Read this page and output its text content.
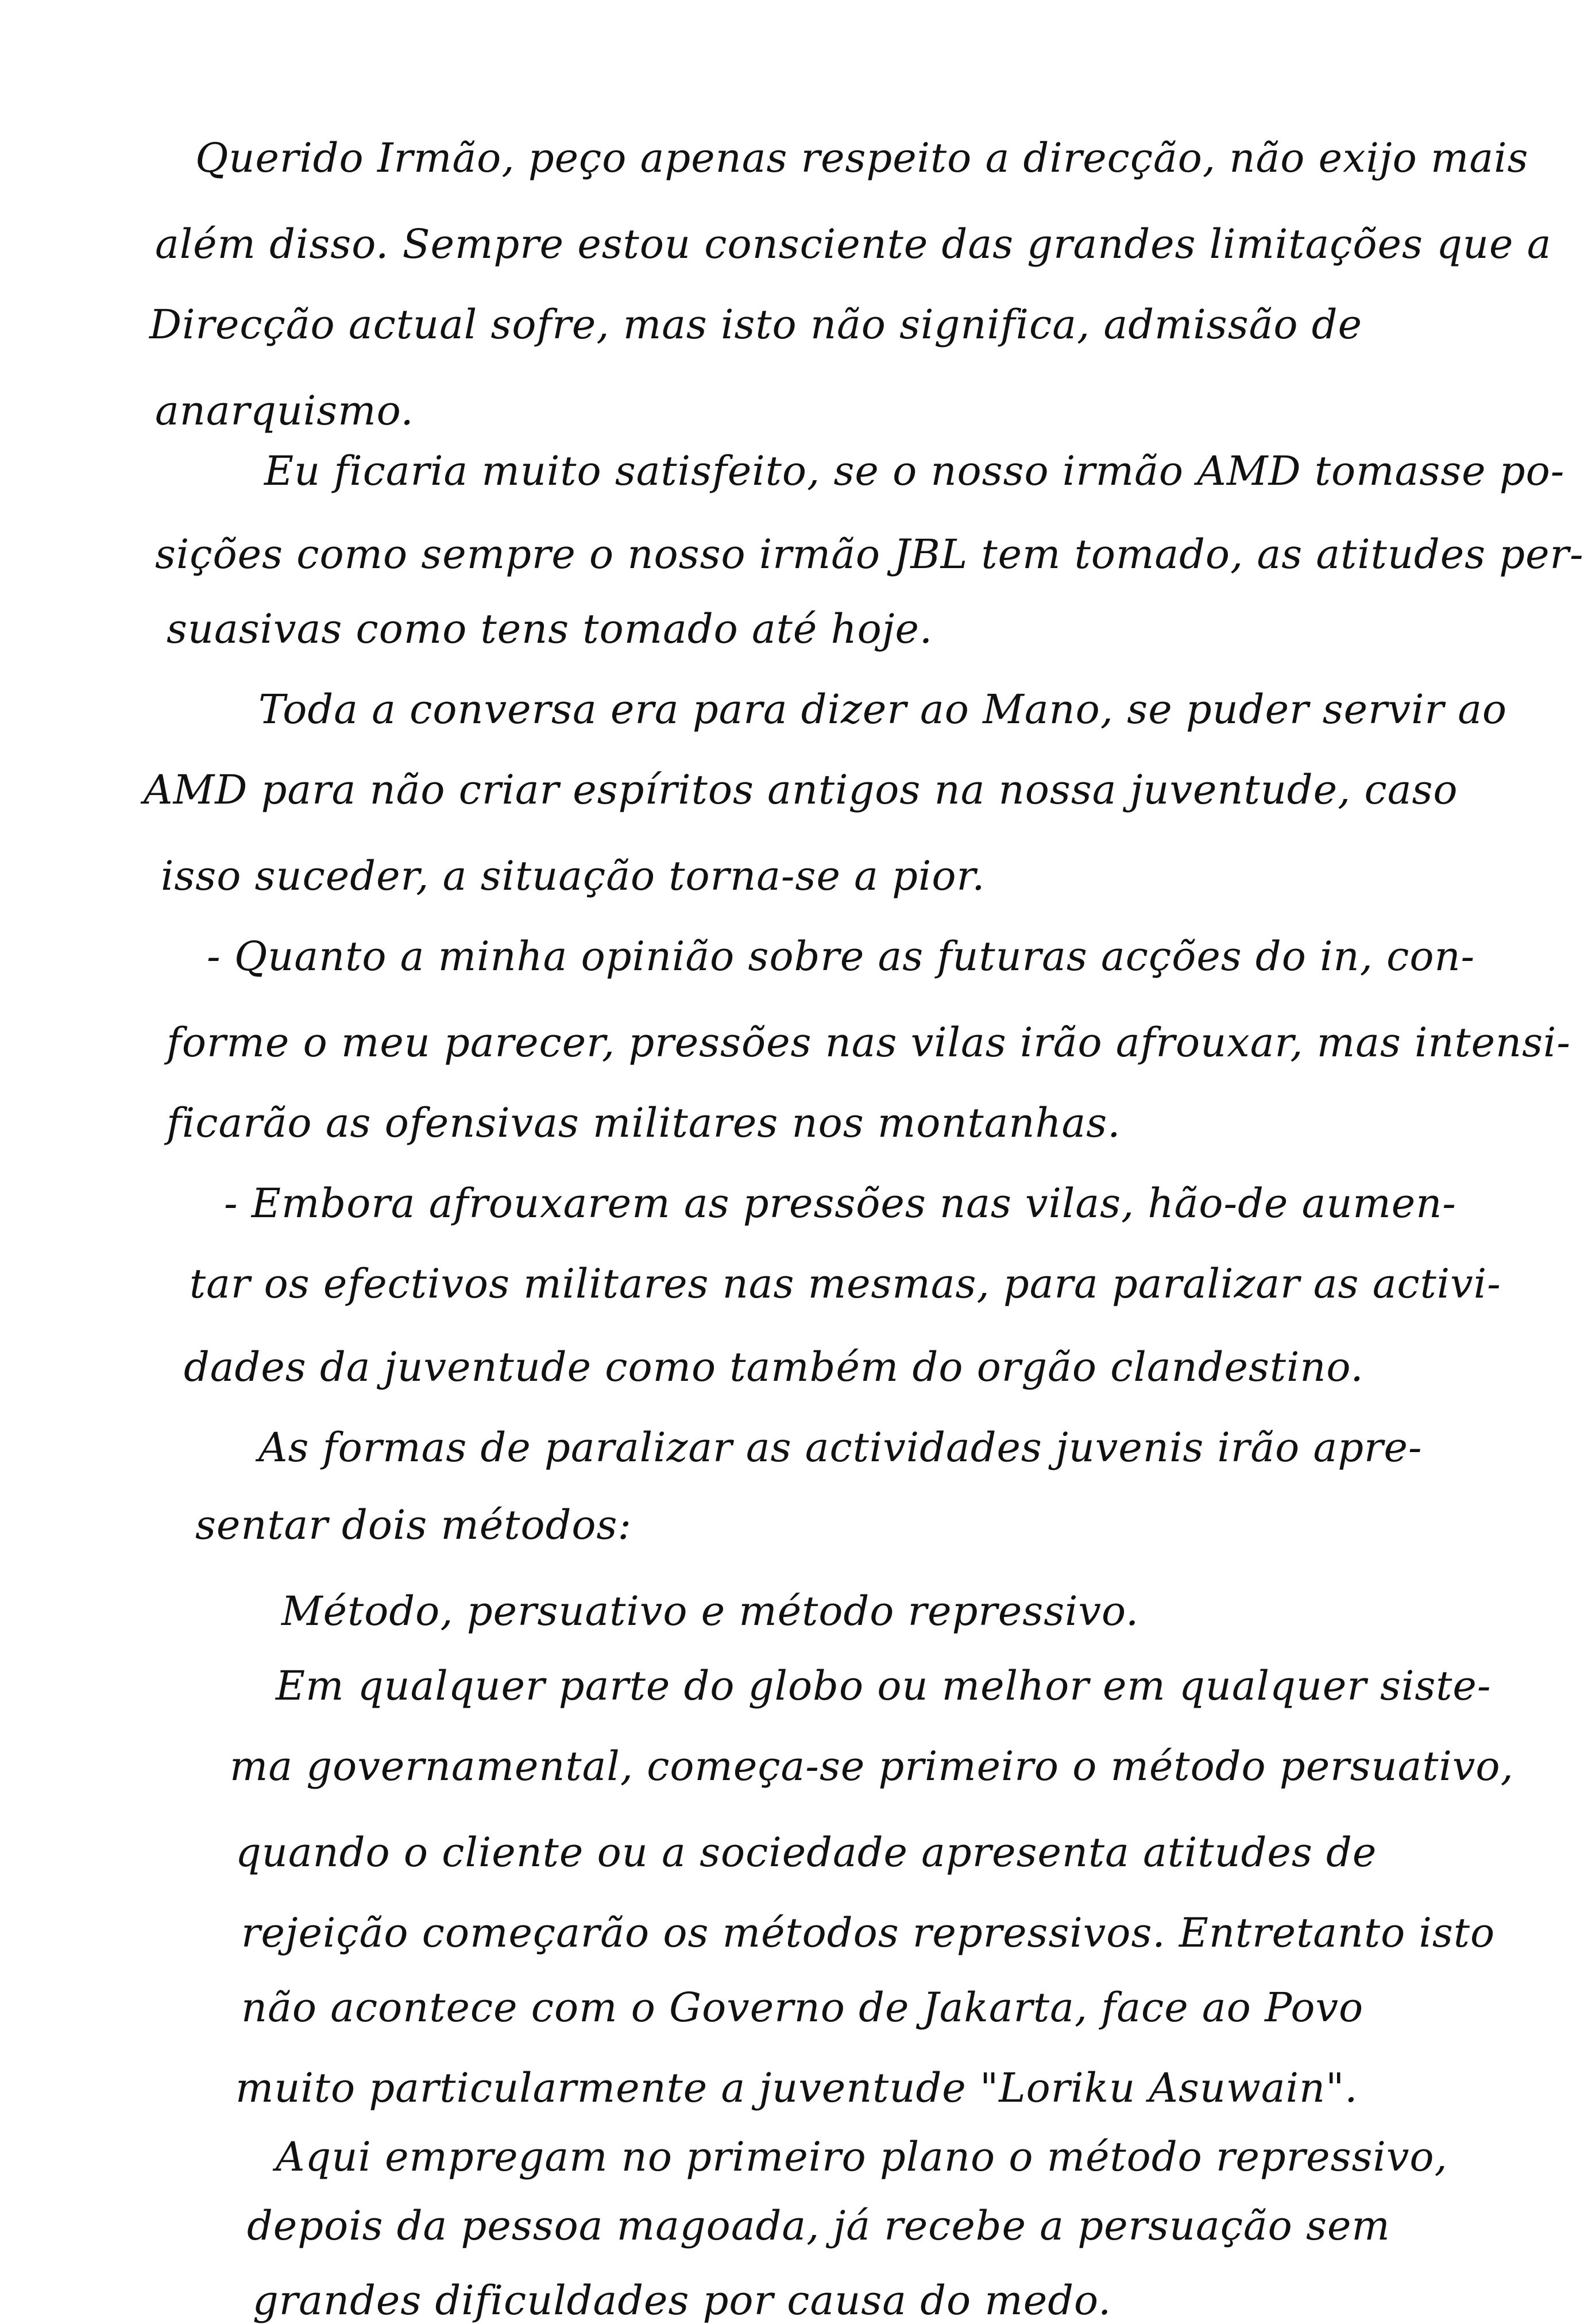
Querido Irmão, peço apenas respeito a direcção, não exijo mais
além disso. Sempre estou consciente das grandes limitações que a
Direcção actual sofre, mas isto não significa, admissão de
anarquismo.
Eu ficaria muito satisfeito, se o nosso irmão AMD tomasse po-
sições como sempre o nosso irmão JBL tem tomado, as atitudes per-
suasivas como tens tomado até hoje.
Toda a conversa era para dizer ao Mano, se puder servir ao
AMD para não criar espíritos antigos na nossa juventude, caso
isso suceder, a situação torna-se a pior.
- Quanto a minha opinião sobre as futuras acções do in, con-
forme o meu parecer, pressões nas vilas irão afrouxar, mas intensi-
ficarão as ofensivas militares nos montanhas.
- Embora afrouxarem as pressões nas vilas, hão-de aumen-
tar os efectivos militares nas mesmas, para paralizar as activi-
dades da juventude como também do orgão clandestino.
As formas de paralizar as actividades juvenis irão apre-
sentar dois métodos:
Método, persuativo e método repressivo.
Em qualquer parte do globo ou melhor em qualquer siste-
ma governamental, começa-se primeiro o método persuativo,
quando o cliente ou a sociedade apresenta atitudes de
rejeição começarão os métodos repressivos. Entretanto isto
não acontece com o Governo de Jakarta, face ao Povo
muito particularmente a juventude "Loriku Asuwain".
Aqui empregam no primeiro plano o método repressivo,
depois da pessoa magoada, já recebe a persuação sem
grandes dificuldades por causa do medo.
